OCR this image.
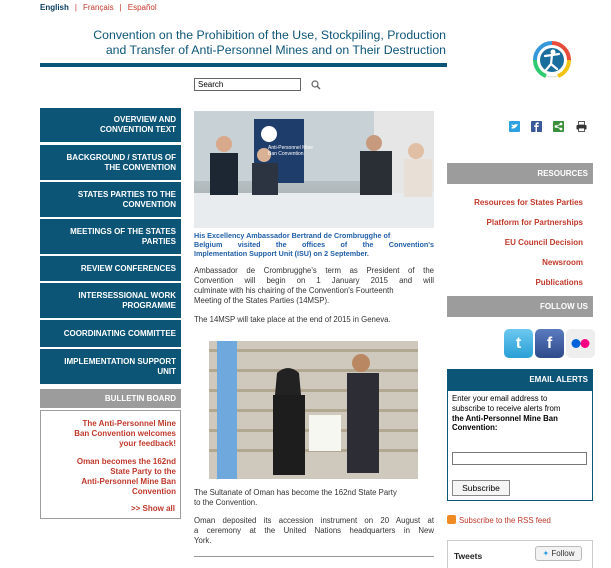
English | Français | Español
Convention on the Prohibition of the Use, Stockpiling, Production
and Transfer of Anti-Personnel Mines and on Their Destruction
Search
OVERVIEW AND
CONVENTION TEXT
BACKGROUND / STATUS OF
THE CONVENTION
STATES PARTIES TO THE
CONVENTION
MEETINGS OF THE STATES
PARTIES
REVIEW CONFERENCES
INTERSESSIONAL WORK
PROGRAMME
COORDINATING COMMITTEE
IMPLEMENTATION SUPPORT
UNIT
BULLETIN BOARD
The Anti-Personnel Mine
Ban Convention welcomes
your feedback!
Oman becomes the 162nd
State Party to the
Anti-Personnel Mine Ban
Convention
>> Show all
Anti-Personnel Mine Ban Convention
His Excellency Ambassador Bertrand de Crombrugghe of
Belgium visited the offices of the Convention's
Implementation Support Unit (ISU) on 2 September.
Ambassador de Crombrugghe's term as President of the
Convention will begin on 1 January 2015 and will
culminate with his chairing of the Convention's Fourteenth
Meeting of the States Parties (14MSP).
The 14MSP will take place at the end of 2015 in Geneva.
The Sultanate of Oman has become the 162nd State Party
to the Convention.
Oman deposited its accession instrument on 20 August at
a ceremony at the United Nations headquarters in New
York.
RESOURCES
Resources for States Parties
Platform for Partnerships
EU Council Decision
Newsroom
Publications
FOLLOW US
t	f
EMAIL ALERTS
Enter your email address to
subscribe to receive alerts from
the Anti-Personnel Mine Ban
Convention:
Subscribe
Subscribe to the RSS feed
Tweets	✦ Follow
